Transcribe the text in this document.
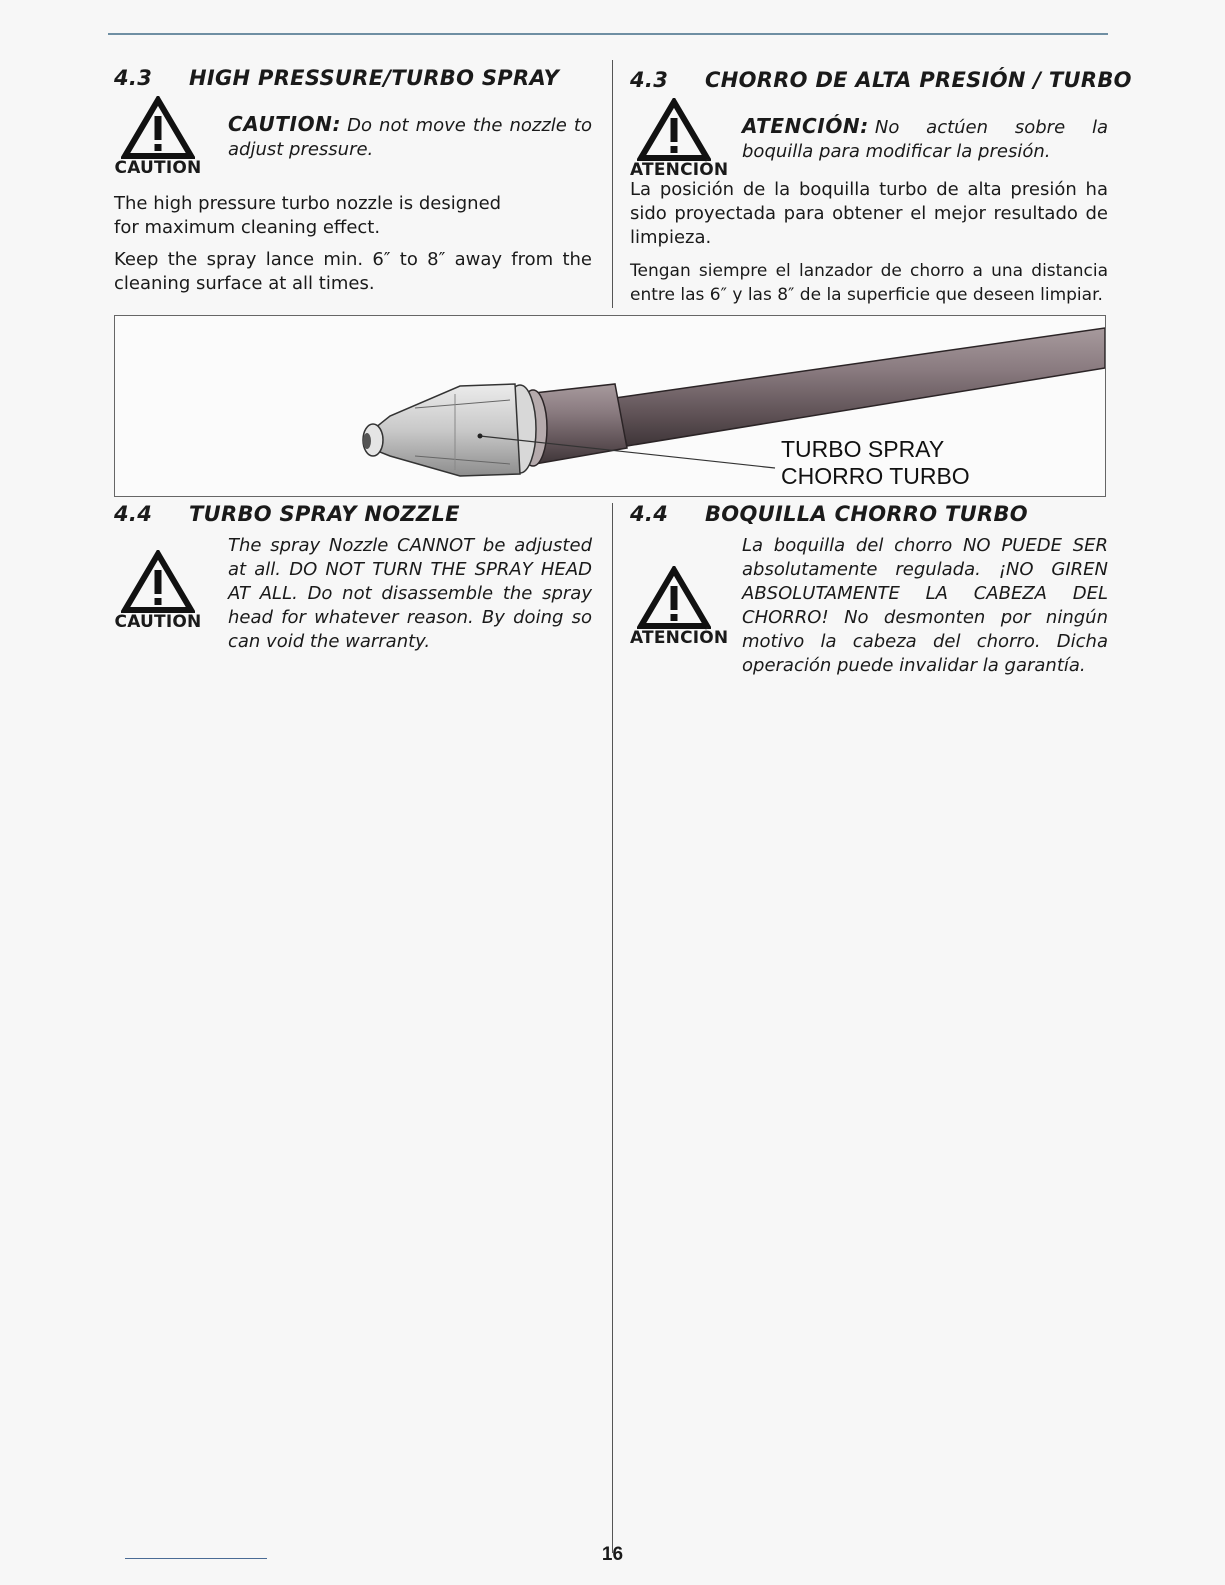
4.3 HIGH PRESSURE/TURBO SPRAY
CAUTION
CAUTION: Do not move the nozzle to adjust pressure.

The high pressure turbo nozzle is designed for maximum cleaning effect.

Keep the spray lance min. 6″ to 8″ away from the cleaning surface at all times.

4.4 TURBO SPRAY NOZZLE
CAUTION
The spray Nozzle CANNOT be adjusted at all. DO NOT TURN THE SPRAY HEAD AT ALL. Do not disassemble the spray head for whatever reason. By doing so can void the warranty.
4.3 CHORRO DE ALTA PRESIÓN / TURBO
ATENCIÓN
ATENCIÓN: No actúen sobre la boquilla para modificar la presión.

La posición de la boquilla turbo de alta presión ha sido proyectada para obtener el mejor resultado de limpieza.

Tengan siempre el lanzador de chorro a una distancia entre las 6″ y las 8″ de la superficie que deseen limpiar.

4.4 BOQUILLA CHORRO TURBO
ATENCIÓN
La boquilla del chorro NO PUEDE SER absolutamente regulada. ¡NO GIREN ABSOLUTAMENTE LA CABEZA DEL CHORRO! No desmonten por ningún motivo la cabeza del chorro. Dicha operación puede invalidar la garantía.
TURBO SPRAY
CHORRO TURBO
16
